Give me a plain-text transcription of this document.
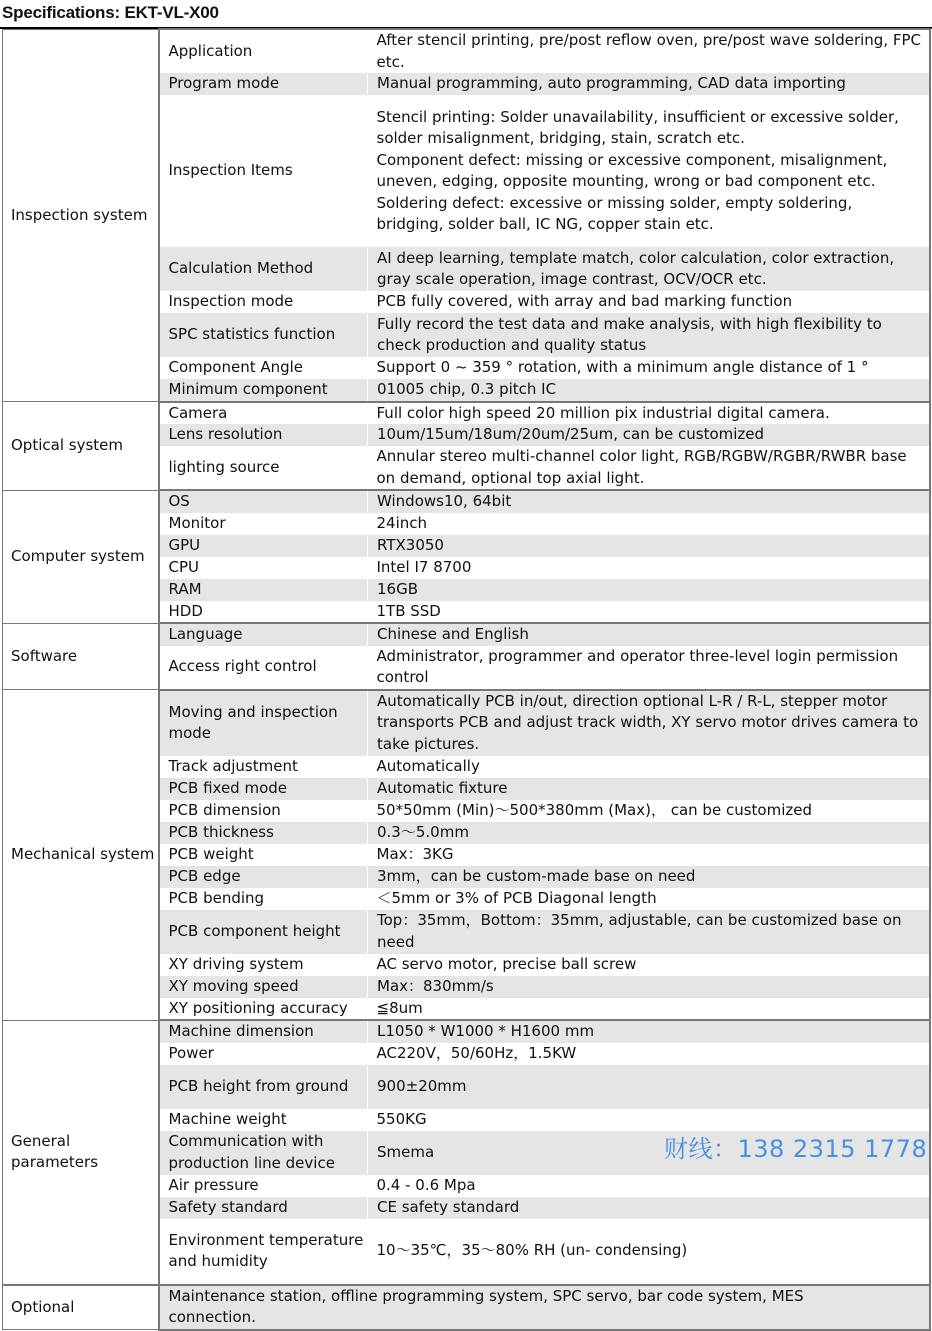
Specifications: EKT-VL-X00
Inspection system	Application	After stencil printing, pre/post reflow oven, pre/post wave soldering, FPC etc.
	Program mode	Manual programming, auto programming, CAD data importing
	Inspection Items	Stencil printing: Solder unavailability, insufficient or excessive solder, solder misalignment, bridging, stain, scratch etc.
Component defect: missing or excessive component, misalignment, uneven, edging, opposite mounting, wrong or bad component etc.
Soldering defect: excessive or missing solder, empty soldering, bridging, solder ball, IC NG, copper stain etc.
	Calculation Method	AI deep learning, template match, color calculation, color extraction, gray scale operation, image contrast, OCV/OCR etc.
	Inspection mode	PCB fully covered, with array and bad marking function
	SPC statistics function	Fully record the test data and make analysis, with high flexibility to check production and quality status
	Component Angle	Support 0 ~ 359 ° rotation, with a minimum angle distance of 1 °
	Minimum component	01005 chip, 0.3 pitch IC
Optical system	Camera	Full color high speed 20 million pix industrial digital camera.
	Lens resolution	10um/15um/18um/20um/25um, can be customized
	lighting source	Annular stereo multi-channel color light, RGB/RGBW/RGBR/RWBR base on demand, optional top axial light.
Computer system	OS	Windows10, 64bit
	Monitor	24inch
	GPU	RTX3050
	CPU	Intel I7 8700
	RAM	16GB
	HDD	1TB SSD
Software	Language	Chinese and English
	Access right control	Administrator, programmer and operator three-level login permission control
Mechanical system	Moving and inspection mode	Automatically PCB in/out, direction optional L-R / R-L, stepper motor transports PCB and adjust track width, XY servo motor drives camera to take pictures.
	Track adjustment	Automatically
	PCB fixed mode	Automatic fixture
	PCB dimension	50*50mm (Min)～500*380mm (Max)， can be customized
	PCB thickness	0.3～5.0mm
	PCB weight	Max：3KG
	PCB edge	3mm，can be custom-made base on need
	PCB bending	＜5mm or 3% of PCB Diagonal length
	PCB component height	Top：35mm，Bottom：35mm, adjustable, can be customized base on need
	XY driving system	AC servo motor, precise ball screw
	XY moving speed	Max：830mm/s
	XY positioning accuracy	≦8um
General parameters	Machine dimension	L1050 * W1000 * H1600 mm
	Power	AC220V，50/60Hz，1.5KW
	PCB height from ground	900±20mm
	Machine weight	550KG
	Communication with production line device	Smema
	Air pressure	0.4 - 0.6 Mpa
	Safety standard	CE safety standard
	Environment temperature and humidity	10～35℃，35～80% RH (un- condensing)
Optional	Maintenance station, offline programming system, SPC servo, bar code system, MES connection.	
财线：138 2315 1778
